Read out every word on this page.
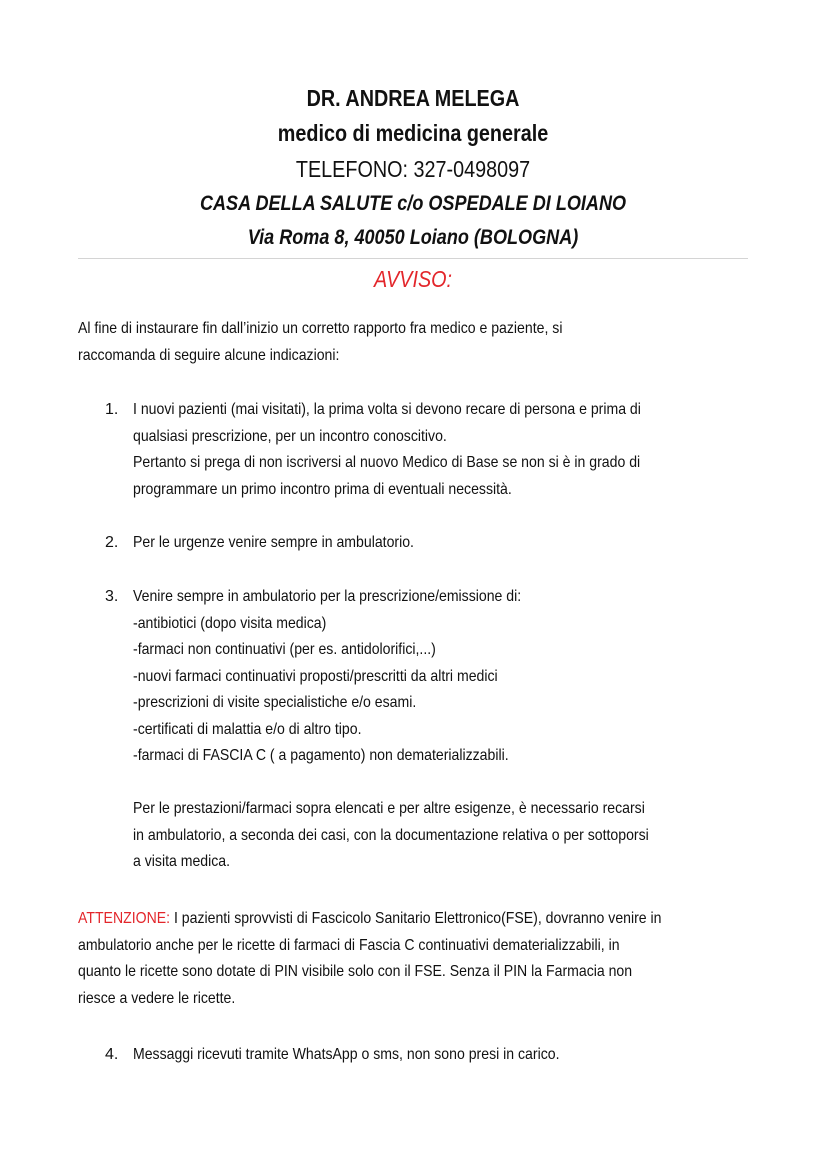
DR. ANDREA MELEGA
medico di medicina generale
TELEFONO: 327-0498097
CASA DELLA SALUTE c/o OSPEDALE DI LOIANO
Via Roma 8, 40050 Loiano (BOLOGNA)
AVVISO:
Al fine di instaurare fin dall’inizio un corretto rapporto fra medico e paziente, si
raccomanda di seguire alcune indicazioni:
1. I nuovi pazienti (mai visitati), la prima volta si devono recare di persona e prima di
qualsiasi prescrizione, per un incontro conoscitivo.
Pertanto si prega di non iscriversi al nuovo Medico di Base se non si è in grado di
programmare un primo incontro prima di eventuali necessità.
2. Per le urgenze venire sempre in ambulatorio.
3. Venire sempre in ambulatorio per la prescrizione/emissione di:
-antibiotici (dopo visita medica)
-farmaci non continuativi (per es. antidolorifici,...)
-nuovi farmaci continuativi proposti/prescritti da altri medici
-prescrizioni di visite specialistiche e/o esami.
-certificati di malattia e/o di altro tipo.
-farmaci di FASCIA C ( a pagamento) non dematerializzabili.
Per le prestazioni/farmaci sopra elencati e per altre esigenze, è necessario recarsi
in ambulatorio, a seconda dei casi, con la documentazione relativa o per sottoporsi
a visita medica.
ATTENZIONE: I pazienti sprovvisti di Fascicolo Sanitario Elettronico(FSE), dovranno venire in
ambulatorio anche per le ricette di farmaci di Fascia C continuativi dematerializzabili, in
quanto le ricette sono dotate di PIN visibile solo con il FSE. Senza il PIN la Farmacia non
riesce a vedere le ricette.
4. Messaggi ricevuti tramite WhatsApp o sms, non sono presi in carico.
